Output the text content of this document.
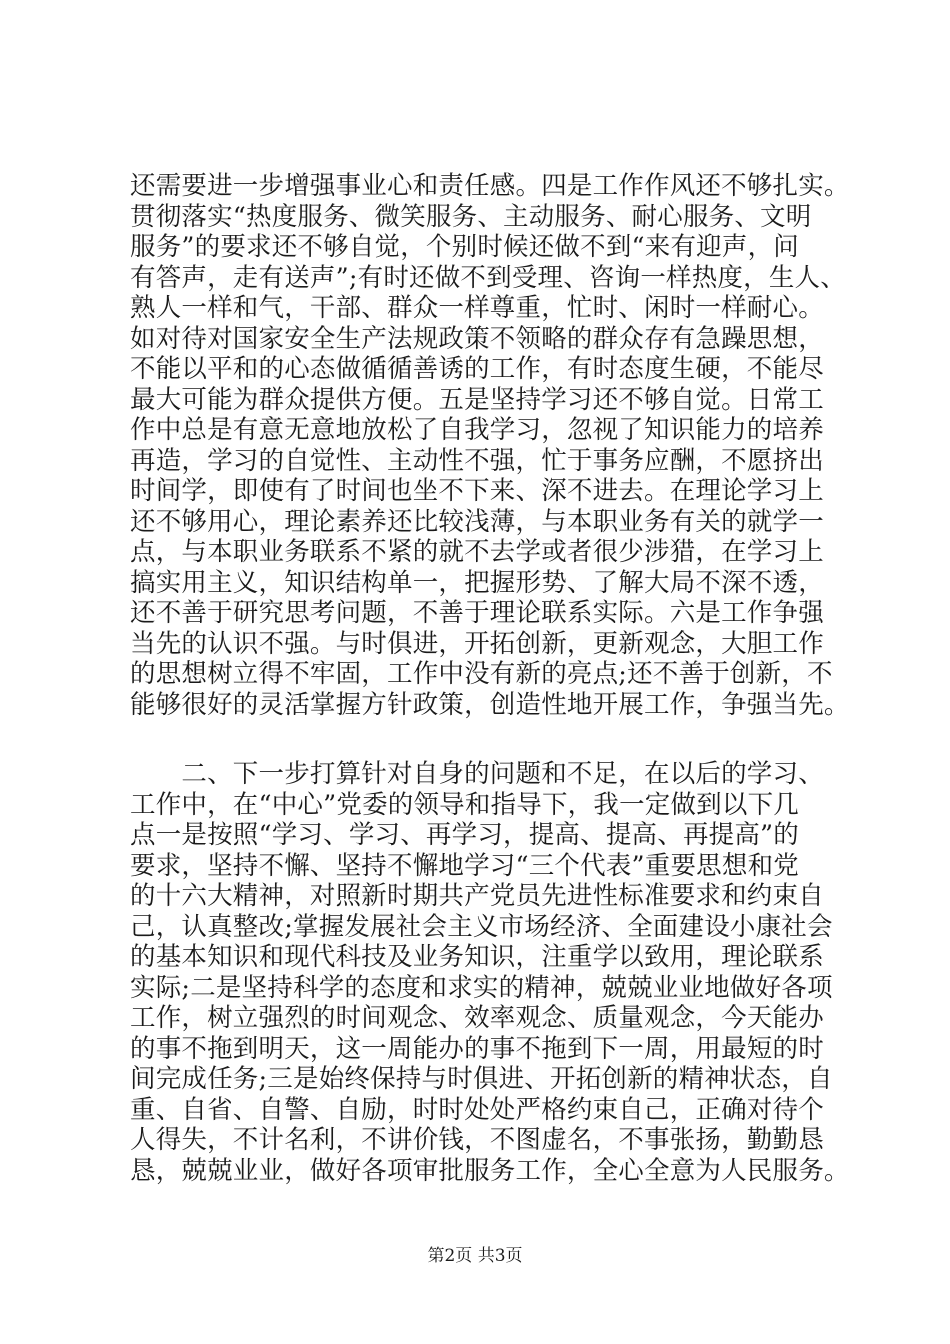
还需要进一步增强事业心和责任感。四是工作作风还不够扎实。
贯彻落实“热度服务、微笑服务、主动服务、耐心服务、文明
服务”的要求还不够自觉，个别时候还做不到“来有迎声，问
有答声，走有送声”;有时还做不到受理、咨询一样热度，生人、
熟人一样和气，干部、群众一样尊重，忙时、闲时一样耐心。
如对待对国家安全生产法规政策不领略的群众存有急躁思想，
不能以平和的心态做循循善诱的工作，有时态度生硬，不能尽
最大可能为群众提供方便。五是坚持学习还不够自觉。日常工
作中总是有意无意地放松了自我学习，忽视了知识能力的培养
再造，学习的自觉性、主动性不强，忙于事务应酬，不愿挤出
时间学，即使有了时间也坐不下来、深不进去。在理论学习上
还不够用心，理论素养还比较浅薄，与本职业务有关的就学一
点，与本职业务联系不紧的就不去学或者很少涉猎，在学习上
搞实用主义，知识结构单一，把握形势、了解大局不深不透，
还不善于研究思考问题，不善于理论联系实际。六是工作争强
当先的认识不强。与时俱进，开拓创新，更新观念，大胆工作
的思想树立得不牢固，工作中没有新的亮点;还不善于创新，不
能够很好的灵活掌握方针政策，创造性地开展工作，争强当先。
　　二、下一步打算针对自身的问题和不足，在以后的学习、
工作中，在“中心”党委的领导和指导下，我一定做到以下几
点一是按照“学习、学习、再学习，提高、提高、再提高”的
要求，坚持不懈、坚持不懈地学习“三个代表”重要思想和党
的十六大精神，对照新时期共产党员先进性标准要求和约束自
己，认真整改;掌握发展社会主义市场经济、全面建设小康社会
的基本知识和现代科技及业务知识，注重学以致用，理论联系
实际;二是坚持科学的态度和求实的精神，兢兢业业地做好各项
工作，树立强烈的时间观念、效率观念、质量观念，今天能办
的事不拖到明天，这一周能办的事不拖到下一周，用最短的时
间完成任务;三是始终保持与时俱进、开拓创新的精神状态，自
重、自省、自警、自励，时时处处严格约束自己，正确对待个
人得失，不计名利，不讲价钱，不图虚名，不事张扬，勤勤恳
恳，兢兢业业，做好各项审批服务工作，全心全意为人民服务。
第2页 共3页
